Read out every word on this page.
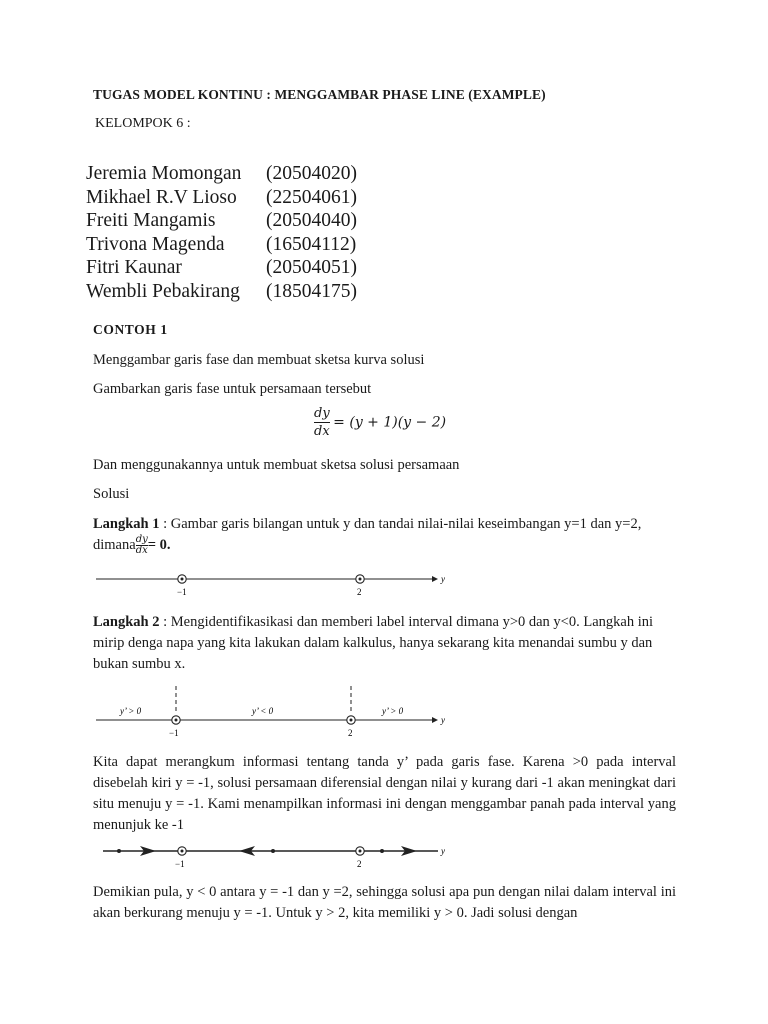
TUGAS MODEL KONTINU : MENGGAMBAR PHASE LINE (EXAMPLE)
KELOMPOK 6 :
Jeremia Momongan (20504020)
Mikhael R.V Lioso (22504061)
Freiti Mangamis	(20504040)
Trivona Magenda (16504112)
Fitri Kaunar	(20504051)
Wembli Pebakirang (18504175)
CONTOH 1
Menggambar garis fase dan membuat sketsa kurva solusi
Gambarkan garis fase untuk persamaan tersebut
$\frac{dy}{dx} = (y + 1)(y - 2)$
Dan menggunakannya untuk membuat sketsa solusi persamaan
Solusi
Langkah 1 : Gambar garis bilangan untuk y dan tandai nilai-nilai keseimbangan y=1 dan y=2, dimana $\frac{dy}{dx} = 0$.
y
−1	2
y
y’ > 0	y’ < 0	y’ > 0
−1	2
y
−1	2
Langkah 2 : Mengidentifikasikasi dan memberi label interval dimana y>0 dan y<0. Langkah ini mirip denga napa yang kita lakukan dalam kalkulus, hanya sekarang kita menandai sumbu y dan bukan sumbu x.
Kita dapat merangkum informasi tentang tanda y’ pada garis fase. Karena >0 pada interval disebelah kiri y = -1, solusi persamaan diferensial dengan nilai y kurang dari -1 akan meningkat dari situ menuju y = -1. Kami menampilkan informasi ini dengan menggambar panah pada interval yang menunjuk ke -1
Demikian pula, y < 0 antara y = -1 dan y =2, sehingga solusi apa pun dengan nilai dalam interval ini akan berkurang menuju y = -1. Untuk y > 2, kita memiliki y > 0. Jadi solusi dengan
